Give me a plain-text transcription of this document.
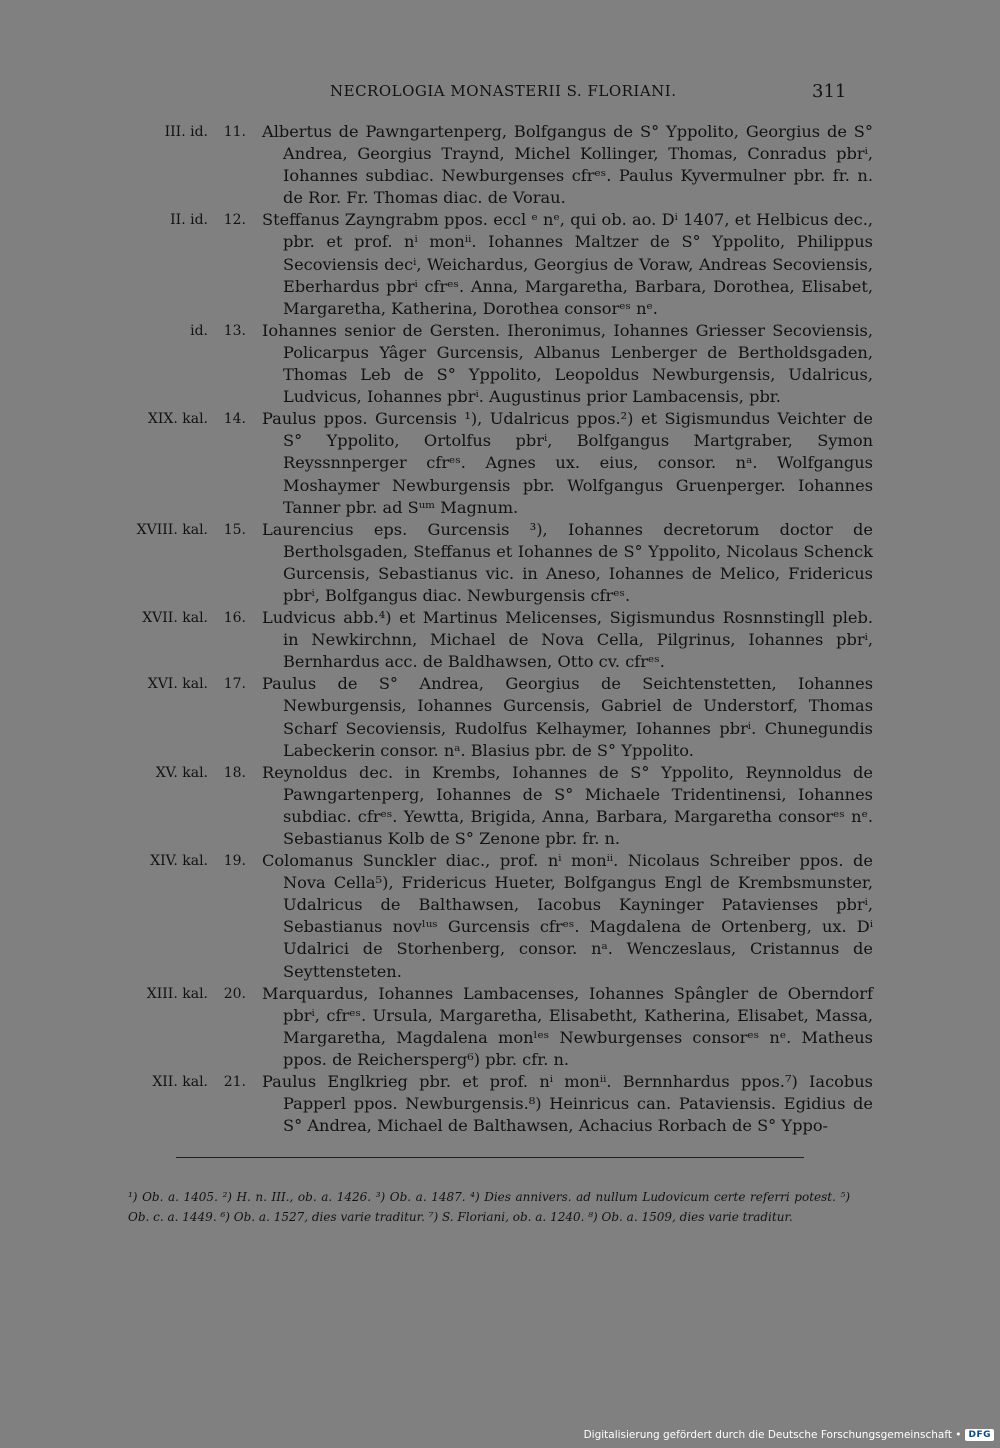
NECROLOGIA MONASTERII S. FLORIANI.	311
III. id.	11. Albertus de Pawngartenperg, Bolfgangus de S° Yppolito, Georgius de S° Andrea, Georgius Traynd, Michel Kollinger, Thomas, Conradus pbrⁱ, Iohannes subdiac. Newburgenses cfrᵉˢ. Paulus Kyvermulner pbr. fr. n. de Ror. Fr. Thomas diac. de Vorau.
II. id.	12. Steffanus Zayngrabm ppos. eccl ᵉ nᵉ, qui ob. ao. Dⁱ 1407, et Helbicus dec., pbr. et prof. nⁱ monⁱⁱ. Iohannes Maltzer de S° Yppolito, Philippus Secoviensis decⁱ, Weichardus, Georgius de Voraw, Andreas Secoviensis, Eberhardus pbrⁱ cfrᵉˢ. Anna, Margaretha, Barbara, Dorothea, Elisabet, Margaretha, Katherina, Dorothea consorᵉˢ nᵉ.
id.	13. Iohannes senior de Gersten. Iheronimus, Iohannes Griesser Secoviensis, Policarpus Yâger Gurcensis, Albanus Lenberger de Bertholdsgaden, Thomas Leb de S° Yppolito, Leopoldus Newburgensis, Udalricus, Ludvicus, Iohannes pbrⁱ. Augustinus prior Lambacensis, pbr.
XIX. kal.	14. Paulus ppos. Gurcensis ¹), Udalricus ppos.²) et Sigismundus Veichter de S° Yppolito, Ortolfus pbrⁱ, Bolfgangus Martgraber, Symon Reyssnnperger cfrᵉˢ. Agnes ux. eius, consor. nᵃ. Wolfgangus Moshaymer Newburgensis pbr. Wolfgangus Gruenperger. Iohannes Tanner pbr. ad Sᵘᵐ Magnum.
XVIII. kal.	15. Laurencius eps. Gurcensis ³), Iohannes decretorum doctor de Bertholsgaden, Steffanus et Iohannes de S° Yppolito, Nicolaus Schenck Gurcensis, Sebastianus vic. in Aneso, Iohannes de Melico, Fridericus pbrⁱ, Bolfgangus diac. Newburgensis cfrᵉˢ.
XVII. kal.	16. Ludvicus abb.⁴) et Martinus Melicenses, Sigismundus Rosnnstingll pleb. in Newkirchnn, Michael de Nova Cella, Pilgrinus, Iohannes pbrⁱ, Bernhardus acc. de Baldhawsen, Otto cv. cfrᵉˢ.
XVI. kal.	17. Paulus de S° Andrea, Georgius de Seichtenstetten, Iohannes Newburgensis, Iohannes Gurcensis, Gabriel de Understorf, Thomas Scharf Secoviensis, Rudolfus Kelhaymer, Iohannes pbrⁱ. Chunegundis Labeckerin consor. nᵃ. Blasius pbr. de S° Yppolito.
XV. kal.	18. Reynoldus dec. in Krembs, Iohannes de S° Yppolito, Reynnoldus de Pawngartenperg, Iohannes de S° Michaele Tridentinensi, Iohannes subdiac. cfrᵉˢ. Yewtta, Brigida, Anna, Barbara, Margaretha consorᵉˢ nᵉ. Sebastianus Kolb de S° Zenone pbr. fr. n.
XIV. kal.	19. Colomanus Sunckler diac., prof. nⁱ monⁱⁱ. Nicolaus Schreiber ppos. de Nova Cella⁵), Fridericus Hueter, Bolfgangus Engl de Krembsmunster, Udalricus de Balthawsen, Iacobus Kayninger Patavienses pbrⁱ, Sebastianus novˡᵘˢ Gurcensis cfrᵉˢ. Magdalena de Ortenberg, ux. Dⁱ Udalrici de Storhenberg, consor. nᵃ. Wenczeslaus, Cristannus de Seyttensteten.
XIII. kal.	20. Marquardus, Iohannes Lambacenses, Iohannes Spângler de Oberndorf pbrⁱ, cfrᵉˢ. Ursula, Margaretha, Elisabetht, Katherina, Elisabet, Massa, Margaretha, Magdalena monˡᵉˢ Newburgenses consorᵉˢ nᵉ. Matheus ppos. de Reichersperg⁶) pbr. cfr. n.
XII. kal.	21. Paulus Englkrieg pbr. et prof. nⁱ monⁱⁱ. Bernnhardus ppos.⁷) Iacobus Papperl ppos. Newburgensis.⁸) Heinricus can. Pataviensis. Egidius de S° Andrea, Michael de Balthawsen, Achacius Rorbach de S° Yppo-
¹) Ob. a. 1405. ²) H. n. III., ob. a. 1426. ³) Ob. a. 1487. ⁴) Dies annivers. ad nullum Ludovicum certe referri potest. ⁵) Ob. c. a. 1449. ⁶) Ob. a. 1527, dies varie traditur. ⁷) S. Floriani, ob. a. 1240. ⁸) Ob. a. 1509, dies varie traditur.
Digitalisierung gefördert durch die Deutsche Forschungsgemeinschaft • DFG
